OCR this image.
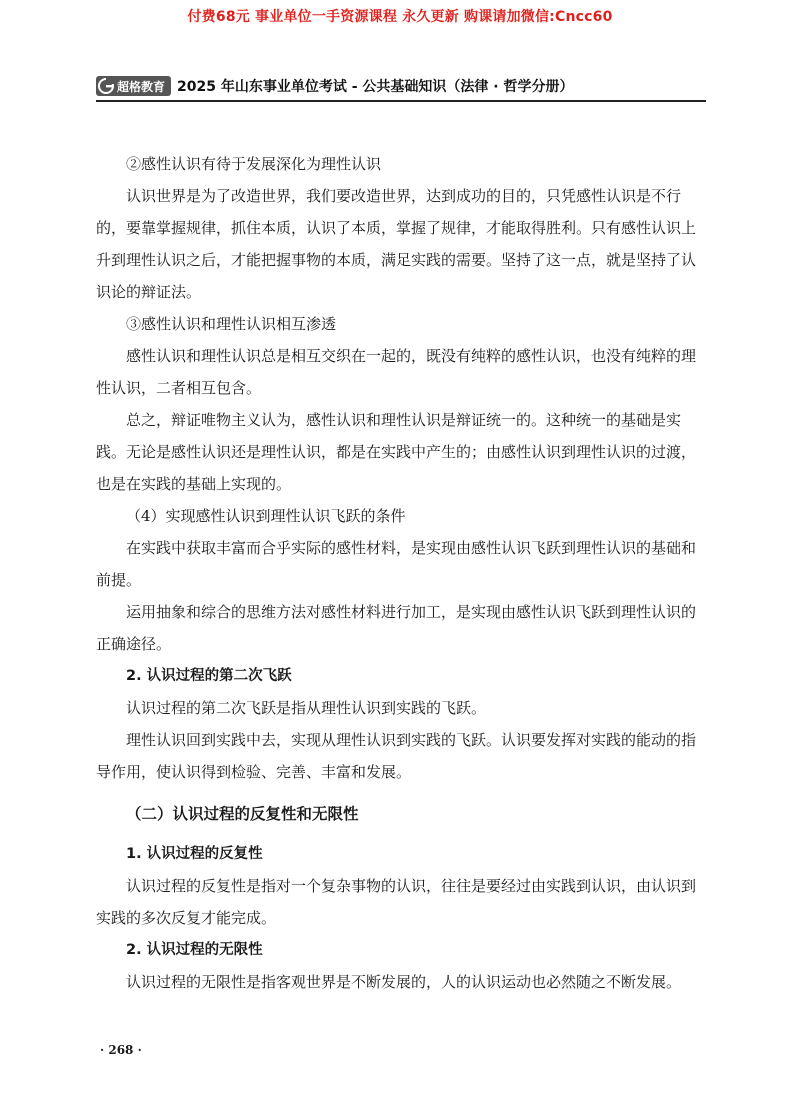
付费68元 事业单位一手资源课程 永久更新 购课请加微信:Cncc60
超格教育 2025 年山东事业单位考试 - 公共基础知识（法律 · 哲学分册）

②感性认识有待于发展深化为理性认识

认识世界是为了改造世界，我们要改造世界，达到成功的目的，只凭感性认识是不行的，要靠掌握规律，抓住本质，认识了本质，掌握了规律，才能取得胜利。只有感性认识上升到理性认识之后，才能把握事物的本质，满足实践的需要。坚持了这一点，就是坚持了认识论的辩证法。

③感性认识和理性认识相互渗透

感性认识和理性认识总是相互交织在一起的，既没有纯粹的感性认识，也没有纯粹的理性认识，二者相互包含。

总之，辩证唯物主义认为，感性认识和理性认识是辩证统一的。这种统一的基础是实践。无论是感性认识还是理性认识，都是在实践中产生的；由感性认识到理性认识的过渡，也是在实践的基础上实现的。

（4）实现感性认识到理性认识飞跃的条件

在实践中获取丰富而合乎实际的感性材料，是实现由感性认识飞跃到理性认识的基础和前提。

运用抽象和综合的思维方法对感性材料进行加工，是实现由感性认识飞跃到理性认识的正确途径。

2. 认识过程的第二次飞跃

认识过程的第二次飞跃是指从理性认识到实践的飞跃。

理性认识回到实践中去，实现从理性认识到实践的飞跃。认识要发挥对实践的能动的指导作用，使认识得到检验、完善、丰富和发展。

（二）认识过程的反复性和无限性

1. 认识过程的反复性

认识过程的反复性是指对一个复杂事物的认识，往往是要经过由实践到认识，由认识到实践的多次反复才能完成。

2. 认识过程的无限性

认识过程的无限性是指客观世界是不断发展的，人的认识运动也必然随之不断发展。

· 268 ·
